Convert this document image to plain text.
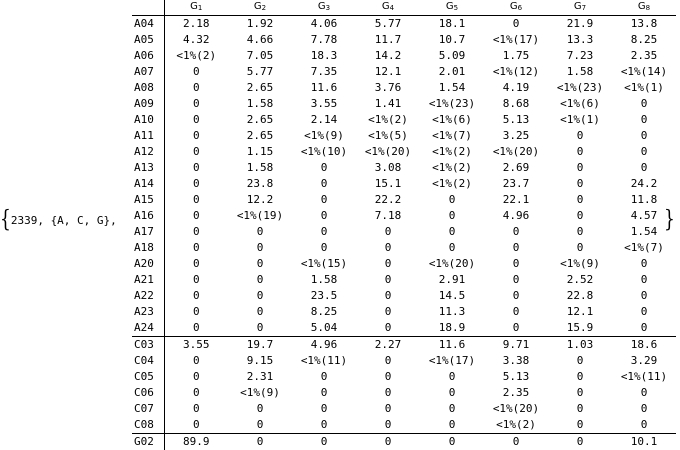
{2339, {A, C, G},	}
	$G_1$	$G_2$	$G_3$	$G_4$	$G_5$	$G_6$	$G_7$	$G_8$
A04	2.18	1.92	4.06	5.77	18.1	0	21.9	13.8
A05	4.32	4.66	7.78	11.7	10.7	<1%(17)	13.3	8.25
A06	<1%(2)	7.05	18.3	14.2	5.09	1.75	7.23	2.35
A07	0	5.77	7.35	12.1	2.01	<1%(12)	1.58	<1%(14)
A08	0	2.65	11.6	3.76	1.54	4.19	<1%(23)	<1%(1)
A09	0	1.58	3.55	1.41	<1%(23)	8.68	<1%(6)	0
A10	0	2.65	2.14	<1%(2)	<1%(6)	5.13	<1%(1)	0
A11	0	2.65	<1%(9)	<1%(5)	<1%(7)	3.25	0	0
A12	0	1.15	<1%(10)	<1%(20)	<1%(2)	<1%(20)	0	0
A13	0	1.58	0	3.08	<1%(2)	2.69	0	0
A14	0	23.8	0	15.1	<1%(2)	23.7	0	24.2
A15	0	12.2	0	22.2	0	22.1	0	11.8
A16	0	<1%(19)	0	7.18	0	4.96	0	4.57
A17	0	0	0	0	0	0	0	1.54
A18	0	0	0	0	0	0	0	<1%(7)
A20	0	0	<1%(15)	0	<1%(20)	0	<1%(9)	0
A21	0	0	1.58	0	2.91	0	2.52	0
A22	0	0	23.5	0	14.5	0	22.8	0
A23	0	0	8.25	0	11.3	0	12.1	0
A24	0	0	5.04	0	18.9	0	15.9	0
C03	3.55	19.7	4.96	2.27	11.6	9.71	1.03	18.6
C04	0	9.15	<1%(11)	0	<1%(17)	3.38	0	3.29
C05	0	2.31	0	0	0	5.13	0	<1%(11)
C06	0	<1%(9)	0	0	0	2.35	0	0
C07	0	0	0	0	0	<1%(20)	0	0
C08	0	0	0	0	0	<1%(2)	0	0
G02	89.9	0	0	0	0	0	0	10.1
